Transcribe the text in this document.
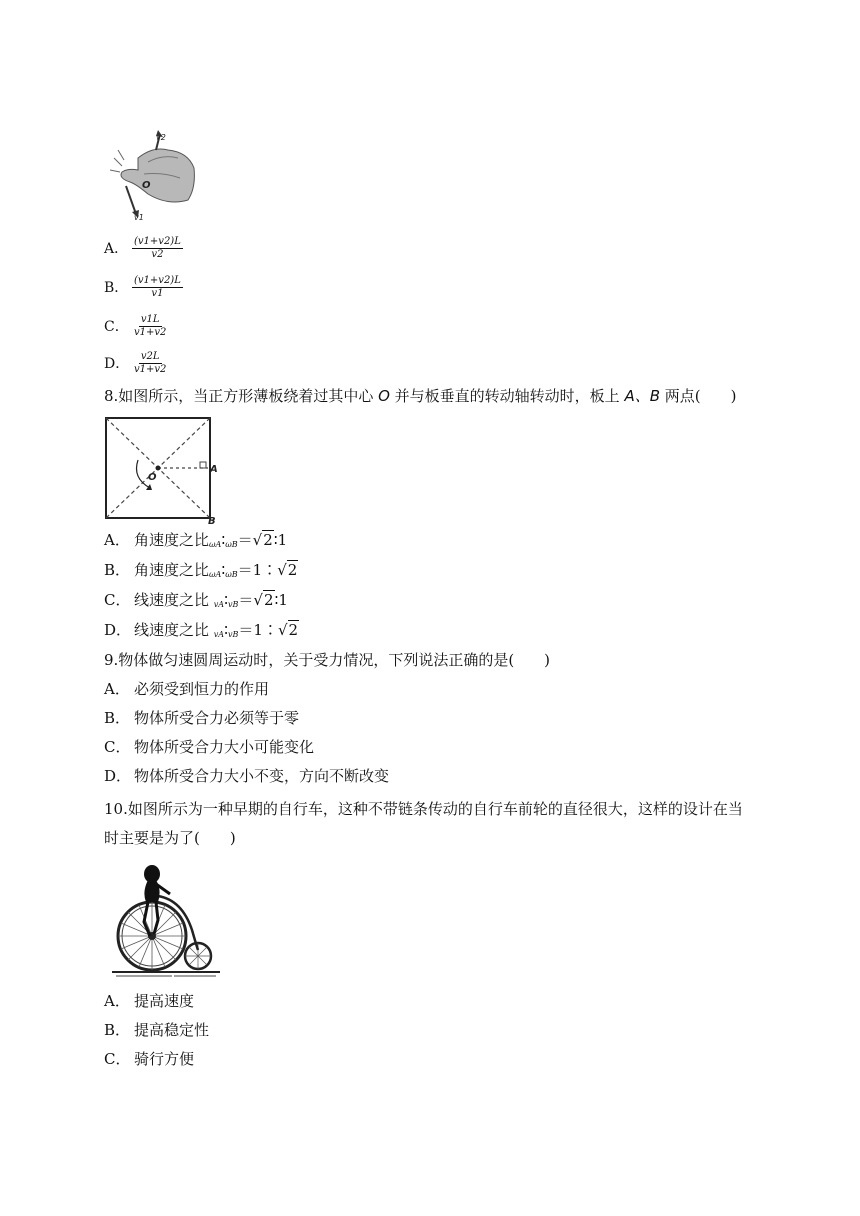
v2
v1
O
A． $\frac{(v1+v2)L}{v2}$
B． $\frac{(v1+v2)L}{v1}$
C． $\frac{v1L}{v1+v2}$
D． $\frac{v2L}{v1+v2}$
8.如图所示，当正方形薄板绕着过其中心 O 并与板垂直的转动轴转动时，板上 A、B 两点(　　)
A
B
O
A． 角速度之比$_{\omega A}∶_{\omega B}=√2∶1$
B． 角速度之比$_{\omega A}∶_{\omega B}=1∶√2$
C． 线速度之比 $_{vA}∶_{vB}=√2∶1$
D． 线速度之比 $_{vA}∶_{vB}=1∶√2$
9.物体做匀速圆周运动时，关于受力情况，下列说法正确的是(　　)
A． 必须受到恒力的作用
B． 物体所受合力必须等于零
C． 物体所受合力大小可能变化
D． 物体所受合力大小不变，方向不断改变
10.如图所示为一种早期的自行车，这种不带链条传动的自行车前轮的直径很大，这样的设计在当
时主要是为了(　　)
A． 提高速度
B． 提高稳定性
C． 骑行方便
